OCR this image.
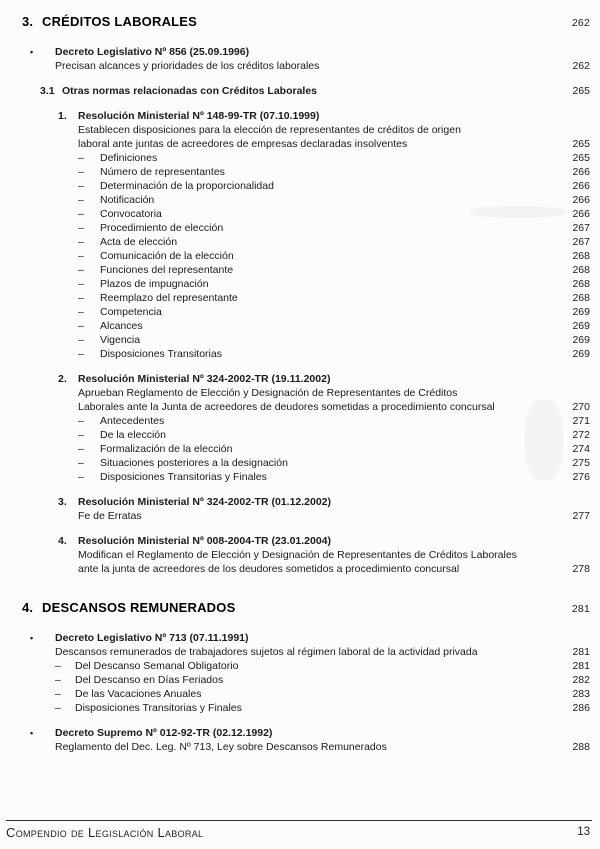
3. CRÉDITOS LABORALES	262
•	Decreto Legislativo Nº 856 (25.09.1996)
Precisan alcances y prioridades de los créditos laborales	262
3.1 Otras normas relacionadas con Créditos Laborales	265
1.	Resolución Ministerial Nº 148-99-TR (07.10.1999)
Establecen disposiciones para la elección de representantes de créditos de origen
laboral ante juntas de acreedores de empresas declaradas insolventes	265
–	Definiciones	265
–	Número de representantes	266
–	Determinación de la proporcionalidad	266
–	Notificación	266
–	Convocatoria	266
–	Procedimiento de elección	267
–	Acta de elección	267
–	Comunicación de la elección	268
–	Funciones del representante	268
–	Plazos de impugnación	268
–	Reemplazo del representante	268
–	Competencia	269
–	Alcances	269
–	Vigencia	269
–	Disposiciones Transitorias	269
2.	Resolución Ministerial Nº 324-2002-TR (19.11.2002)
Aprueban Reglamento de Elección y Designación de Representantes de Créditos
Laborales ante la Junta de acreedores de deudores sometidas a procedimiento concursal	270
–	Antecedentes	271
–	De la elección	272
–	Formalización de la elección	274
–	Situaciones posteriores a la designación	275
–	Disposiciones Transitorias y Finales	276
3.	Resolución Ministerial Nº 324-2002-TR (01.12.2002)
Fe de Erratas	277
4.	Resolución Ministerial Nº 008-2004-TR (23.01.2004)
Modifican el Reglamento de Elección y Designación de Representantes de Créditos Laborales
ante la junta de acreedores de los deudores sometidos a procedimiento concursal	278
4. DESCANSOS REMUNERADOS	281
•	Decreto Legislativo Nº 713 (07.11.1991)
Descansos remunerados de trabajadores sujetos al régimen laboral de la actividad privada	281
–	Del Descanso Semanal Obligatorio	281
–	Del Descanso en Días Feriados	282
–	De las Vacaciones Anuales	283
–	Disposiciones Transitorias y Finales	286
•	Decreto Supremo Nº 012-92-TR (02.12.1992)
Reglamento del Dec. Leg. Nº 713, Ley sobre Descansos Remunerados	288
Compendio de Legislación Laboral	13
